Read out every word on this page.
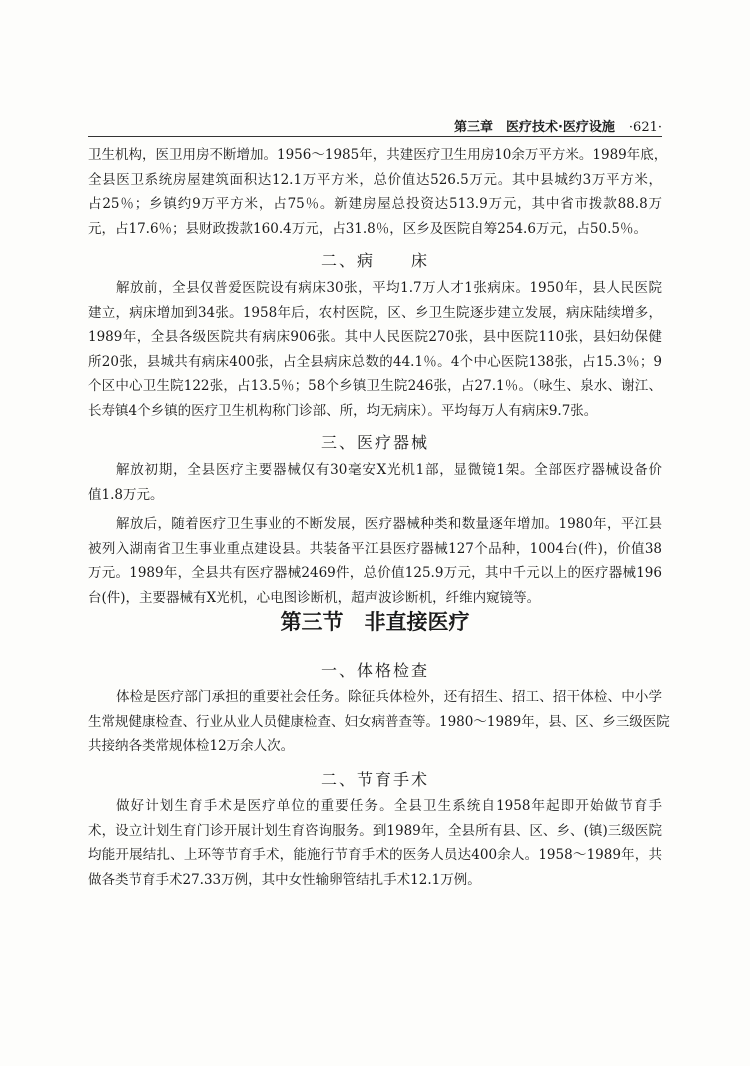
第三章　医疗技术·医疗设施 ·621·
卫生机构，医卫用房不断增加。1956～1985年，共建医疗卫生用房10余万平方米。1989年底，
全县医卫系统房屋建筑面积达12.1万平方米，总价值达526.5万元。其中县城约3万平方米，
占25％；乡镇约9万平方米，占75％。新建房屋总投资达513.9万元，其中省市拨款88.8万
元，占17.6％；县财政拨款160.4万元，占31.8％，区乡及医院自筹254.6万元，占50.5％。
二、病　　床
解放前，全县仅普爱医院设有病床30张，平均1.7万人才1张病床。1950年，县人民医院
建立，病床增加到34张。1958年后，农村医院，区、乡卫生院逐步建立发展，病床陆续增多，
1989年，全县各级医院共有病床906张。其中人民医院270张，县中医院110张，县妇幼保健
所20张，县城共有病床400张，占全县病床总数的44.1％。4个中心医院138张，占15.3％；9
个区中心卫生院122张，占13.5％；58个乡镇卫生院246张，占27.1％。（咏生、泉水、谢江、
长寿镇4个乡镇的医疗卫生机构称门诊部、所，均无病床）。平均每万人有病床9.7张。
三、医疗器械
解放初期，全县医疗主要器械仅有30毫安X光机1部，显微镜1架。全部医疗器械设备价
值1.8万元。
解放后，随着医疗卫生事业的不断发展，医疗器械种类和数量逐年增加。1980年，平江县
被列入湖南省卫生事业重点建设县。共装备平江县医疗器械127个品种，1004台(件)，价值38
万元。1989年，全县共有医疗器械2469件，总价值125.9万元，其中千元以上的医疗器械196
台(件)，主要器械有X光机，心电图诊断机，超声波诊断机，纤维内窥镜等。
第三节　非直接医疗
一、体格检查
体检是医疗部门承担的重要社会任务。除征兵体检外，还有招生、招工、招干体检、中小学
生常规健康检查、行业从业人员健康检查、妇女病普查等。1980～1989年，县、区、乡三级医院
共接纳各类常规体检12万余人次。
二、节育手术
做好计划生育手术是医疗单位的重要任务。全县卫生系统自1958年起即开始做节育手
术，设立计划生育门诊开展计划生育咨询服务。到1989年，全县所有县、区、乡、(镇)三级医院
均能开展结扎、上环等节育手术，能施行节育手术的医务人员达400余人。1958～1989年，共
做各类节育手术27.33万例，其中女性输卵管结扎手术12.1万例。
